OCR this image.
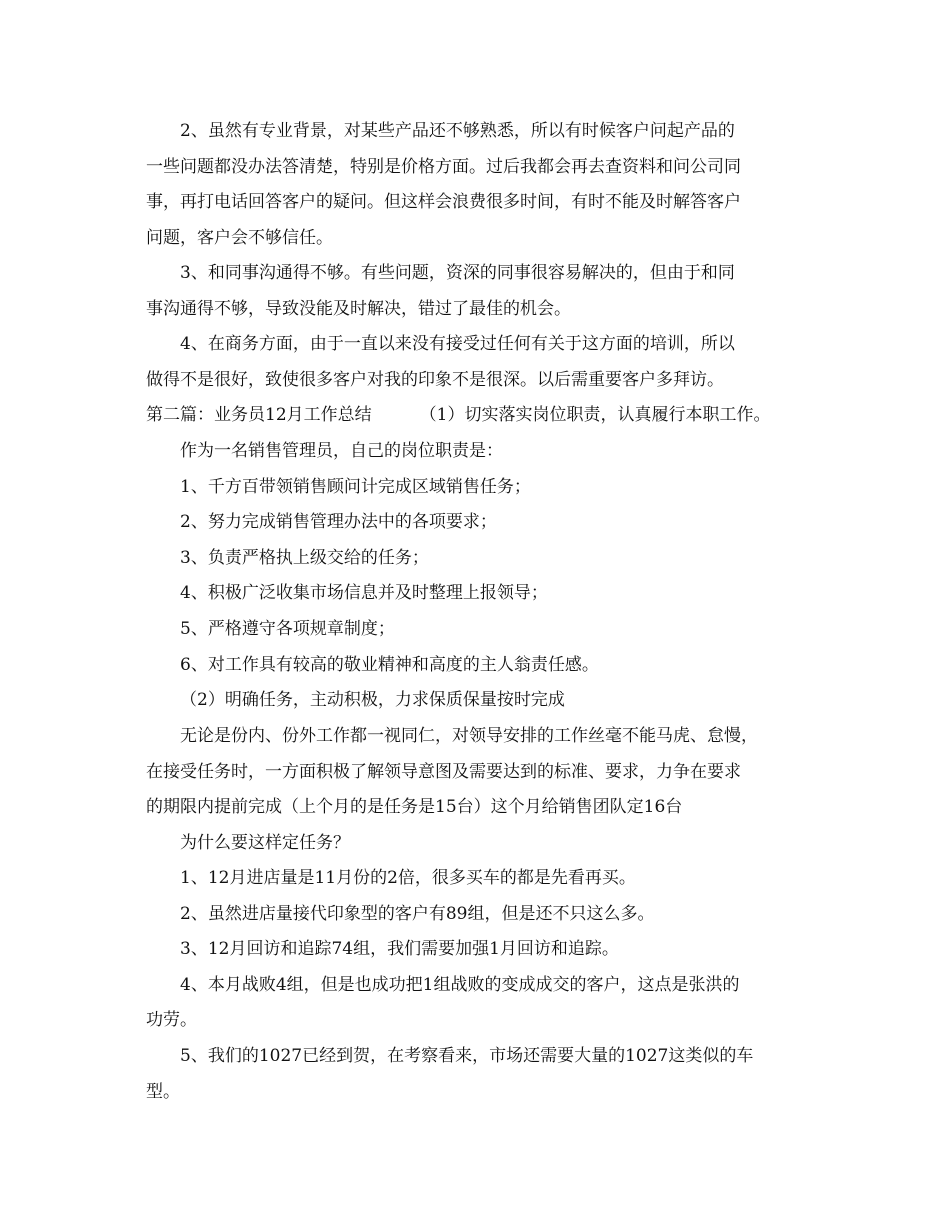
2、虽然有专业背景，对某些产品还不够熟悉，所以有时候客户问起产品的
一些问题都没办法答清楚，特别是价格方面。过后我都会再去查资料和问公司同
事，再打电话回答客户的疑问。但这样会浪费很多时间，有时不能及时解答客户
问题，客户会不够信任。
3、和同事沟通得不够。有些问题，资深的同事很容易解决的，但由于和同
事沟通得不够，导致没能及时解决，错过了最佳的机会。
4、在商务方面，由于一直以来没有接受过任何有关于这方面的培训，所以
做得不是很好，致使很多客户对我的印象不是很深。以后需重要客户多拜访。
第二篇：业务员12月工作总结	（1）切实落实岗位职责，认真履行本职工作。
作为一名销售管理员，自己的岗位职责是：
1、千方百带领销售顾问计完成区域销售任务；
2、努力完成销售管理办法中的各项要求；
3、负责严格执上级交给的任务；
4、积极广泛收集市场信息并及时整理上报领导；
5、严格遵守各项规章制度；
6、对工作具有较高的敬业精神和高度的主人翁责任感。
（2）明确任务，主动积极，力求保质保量按时完成
无论是份内、份外工作都一视同仁，对领导安排的工作丝毫不能马虎、怠慢，
在接受任务时，一方面积极了解领导意图及需要达到的标准、要求，力争在要求
的期限内提前完成（上个月的是任务是15台）这个月给销售团队定16台
为什么要这样定任务？
1、12月进店量是11月份的2倍，很多买车的都是先看再买。
2、虽然进店量接代印象型的客户有89组，但是还不只这么多。
3、12月回访和追踪74组，我们需要加强1月回访和追踪。
4、本月战败4组，但是也成功把1组战败的变成成交的客户，这点是张洪的
功劳。
5、我们的1027已经到贺，在考察看来，市场还需要大量的1027这类似的车
型。
